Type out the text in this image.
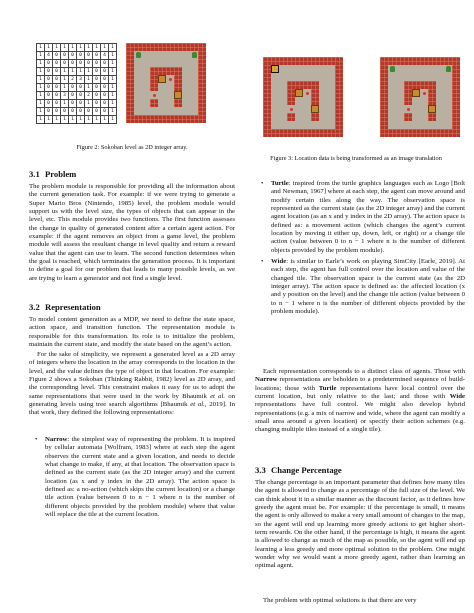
1	1	1	1	1	1	1	1	1	1
1	4	0	0	0	0	0	0	4	1
1	0	0	0	0	0	0	0	0	1
1	0	0	1	1	1	1	0	0	1
1	0	0	1	2	3	1	0	0	1
1	0	0	1	0	0	1	0	0	1
1	0	0	3	0	0	2	0	0	1
1	0	0	1	0	0	1	0	0	1
1	0	0	0	0	0	0	0	0	1
1	1	1	1	1	1	1	1	1	1
Figure 2: Sokoban level as 2D integer array.
3.1 Problem

The problem module is responsible for providing all the information about the current generation task. For example: if we were trying to generate a Super Mario Bros (Nintendo, 1985) level, the problem module would support us with the level size, the types of objects that can appear in the level, etc. This module provides two functions. The first function assesses the change in quality of generated content after a certain agent action. For example: if the agent removes an object from a game level, the problem module will assess the resultant change in level quality and return a reward value that the agent can use to learn. The second function determines when the goal is reached, which terminates the generation process. It is important to define a goal for our problem that leads to many possible levels, as we are trying to learn a generator and not find a single level.

3.2 Representation

To model content generation as a MDP, we need to define the state space, action space, and transition function. The representation module is responsible for this transformation. Its role is to initialize the problem, maintain the current state, and modify the state based on the agent’s action.

For the sake of simplicity, we represent a generated level as a 2D array of integers where the location in the array corresponds to the location in the level, and the value defines the type of object in that location. For example: Figure 2 shows a Sokoban (Thinking Rabbit, 1982) level as 2D array, and the corresponding level. This constraint makes it easy for us to adopt the same representations that were used in the work by Bhaumik et al. on generating levels using tree search algorithms [Bhaumik et al., 2019]. In that work, they defined the following representations:

• Narrow: the simplest way of representing the problem. It is inspired by cellular automata [Wolfram, 1983] where at each step the agent observes the current state and a given location, and needs to decide what change to make, if any, at that location. The observation space is defined as the current state (as the 2D integer array) and the current location (as x and y index in the 2D array). The action space is defined as: a no-action (which skips the current location) or a change tile action (value between 0 to n − 1 where n is the number of different objects provided by the problem module) where that value will replace the tile at the current location.
Figure 3: Location data is being transformed as an image translation
• Turtle: inspired from the turtle graphics languages such as Logo [Bolt and Newman, 1967] where at each step, the agent can move around and modify certain tiles along the way. The observation space is represented as the current state (as the 2D integer array) and the current agent location (as an x and y index in the 2D array). The action space is defined as: a movement action (which changes the agent’s current location by moving it either up, down, left, or right) or a change tile action (value between 0 to n − 1 where n is the number of different objects provided by the problem module).
• Wide: is similar to Earle’s work on playing SimCity [Earle, 2019]. At each step, the agent has full control over the location and value of the changed tile. The observation space is the current state (as the 2D integer array). The action space is defined as: the affected location (x and y position on the level) and the change tile action (value between 0 to n − 1 where n is the number of different objects provided by the problem module).

Each representation corresponds to a distinct class of agents. Those with Narrow representations are beholden to a predetermined sequence of build-locations; those with Turtle representations have local control over the current location, but only relative to the last; and those with Wide representations have full control. We might also develop hybrid representations (e.g. a mix of narrow and wide, where the agent can modify a small area around a given location) or specify their action schemes (e.g. changing multiple tiles instead of a single tile).

3.3 Change Percentage

The change percentage is an important parameter that defines how many tiles the agent is allowed to change as a percentage of the full size of the level. We can think about it in a similar manner as the discount factor, as it defines how greedy the agent must be. For example: if the percentage is small, it means the agent is only allowed to make a very small amount of changes to the map, so the agent will end up learning more greedy actions to get higher short-term rewards. On the other hand, if the percentage is high, it means the agent is allowed to change as much of the map as possible, so the agent will end up learning a less greedy and more optimal solution to the problem. One might wonder why we would want a more greedy agent, rather than learning an optimal agent.

The problem with optimal solutions is that there are very
